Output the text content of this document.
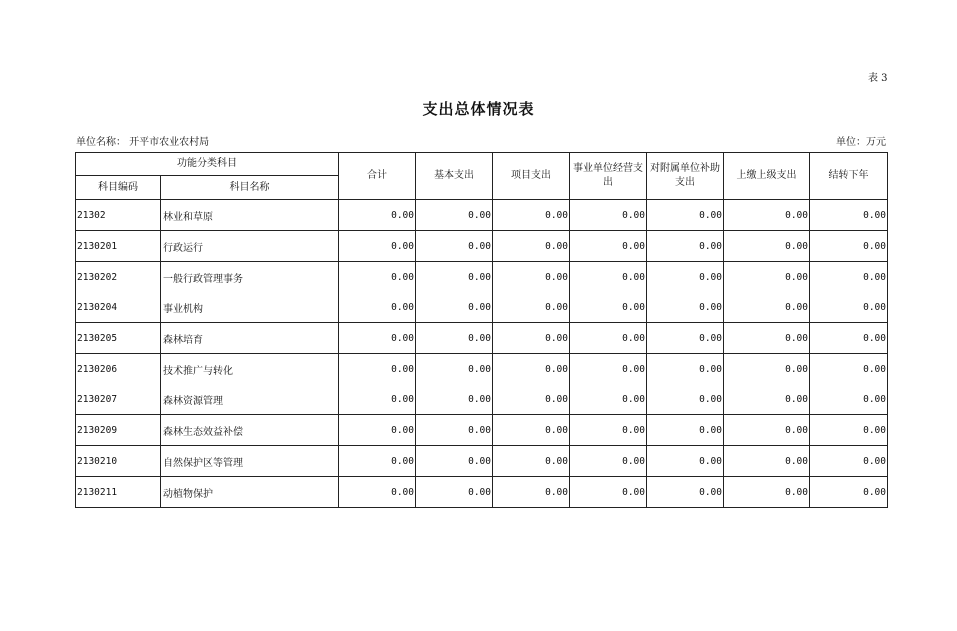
表 3
支出总体情况表
单位名称： 开平市农业农村局	单位：万元
功能分类科目		合计	基本支出	项目支出	事业单位经营支出	对附属单位补助支出	上缴上级支出	结转下年
科目编码	科目名称							
21302	林业和草原	0.00	0.00	0.00	0.00	0.00	0.00	0.00
2130201	行政运行	0.00	0.00	0.00	0.00	0.00	0.00	0.00
2130202	一般行政管理事务	0.00	0.00	0.00	0.00	0.00	0.00	0.00
2130204	事业机构	0.00	0.00	0.00	0.00	0.00	0.00	0.00
2130205	森林培育	0.00	0.00	0.00	0.00	0.00	0.00	0.00
2130206	技术推广与转化	0.00	0.00	0.00	0.00	0.00	0.00	0.00
2130207	森林资源管理	0.00	0.00	0.00	0.00	0.00	0.00	0.00
2130209	森林生态效益补偿	0.00	0.00	0.00	0.00	0.00	0.00	0.00
2130210	自然保护区等管理	0.00	0.00	0.00	0.00	0.00	0.00	0.00
2130211	动植物保护	0.00	0.00	0.00	0.00	0.00	0.00	0.00
